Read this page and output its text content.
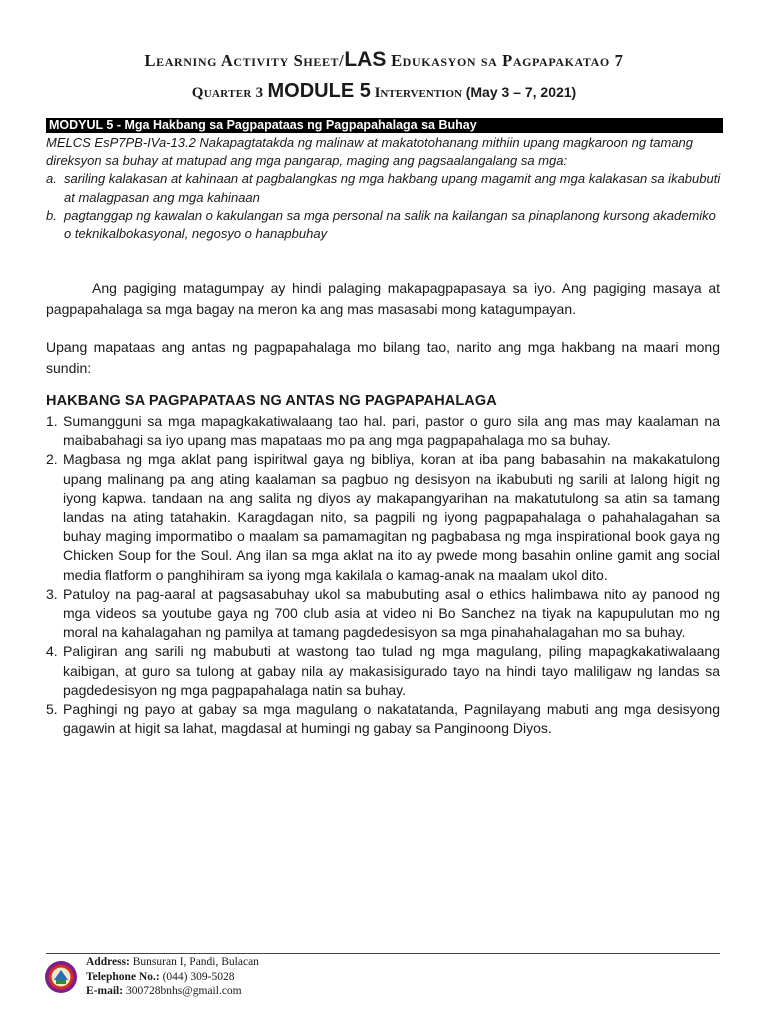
Learning Activity Sheet/LAS Edukasyon sa Pagpapakatao 7
Quarter 3 MODULE 5 Intervention (May 3 – 7, 2021)
MODYUL 5 - Mga Hakbang sa Pagpapataas ng Pagpapahalaga sa Buhay
MELCS EsP7PB-IVa-13.2 Nakapagtatakda ng malinaw at makatotohanang mithiin upang magkaroon ng tamang direksyon sa buhay at matupad ang mga pangarap, maging ang pagsaalangalang sa mga:
a. sariling kalakasan at kahinaan at pagbalangkas ng mga hakbang upang magamit ang mga kalakasan sa ikabubuti at malagpasan ang mga kahinaan
b. pagtanggap ng kawalan o kakulangan sa mga personal na salik na kailangan sa pinaplanong kursong akademiko o teknikalbokasyonal, negosyo o hanapbuhay

Ang pagiging matagumpay ay hindi palaging makapagpapasaya sa iyo. Ang pagiging masaya at pagpapahalaga sa mga bagay na meron ka ang mas masasabi mong katagumpayan.

Upang mapataas ang antas ng pagpapahalaga mo bilang tao, narito ang mga hakbang na maari mong sundin:

HAKBANG SA PAGPAPATAAS NG ANTAS NG PAGPAPAHALAGA
1. Sumangguni sa mga mapagkakatiwalaang tao hal. pari, pastor o guro sila ang mas may kaalaman na maibabahagi sa iyo upang mas mapataas mo pa ang mga pagpapahalaga mo sa buhay.
2. Magbasa ng mga aklat pang ispiritwal gaya ng bibliya, koran at iba pang babasahin na makakatulong upang malinang pa ang ating kaalaman sa pagbuo ng desisyon na ikabubuti ng sarili at lalong higit ng iyong kapwa. tandaan na ang salita ng diyos ay makapangyarihan na makatutulong sa atin sa tamang landas na ating tatahakin. Karagdagan nito, sa pagpili ng iyong pagpapahalaga o pahahalagahan sa buhay maging impormatibo o maalam sa pamamagitan ng pagbabasa ng mga inspirational book gaya ng Chicken Soup for the Soul. Ang ilan sa mga aklat na ito ay pwede mong basahin online gamit ang social media flatform o panghihiram sa iyong mga kakilala o kamag-anak na maalam ukol dito.
3. Patuloy na pag-aaral at pagsasabuhay ukol sa mabubuting asal o ethics halimbawa nito ay panood ng mga videos sa youtube gaya ng 700 club asia at video ni Bo Sanchez na tiyak na kapupulutan mo ng moral na kahalagahan ng pamilya at tamang pagdedesisyon sa mga pinahahalagahan mo sa buhay.
4. Paligiran ang sarili ng mabubuti at wastong tao tulad ng mga magulang, piling mapagkakatiwalaang kaibigan, at guro sa tulong at gabay nila ay makasisigurado tayo na hindi tayo maliligaw ng landas sa pagdedesisyon ng mga pagpapahalaga natin sa buhay.
5. Paghingi ng payo at gabay sa mga magulang o nakatatanda, Pagnilayang mabuti ang mga desisyong gagawin at higit sa lahat, magdasal at humingi ng gabay sa Panginoong Diyos.
Address: Bunsuran I, Pandi, Bulacan
Telephone No.: (044) 309-5028
E-mail: 300728bnhs@gmail.com
